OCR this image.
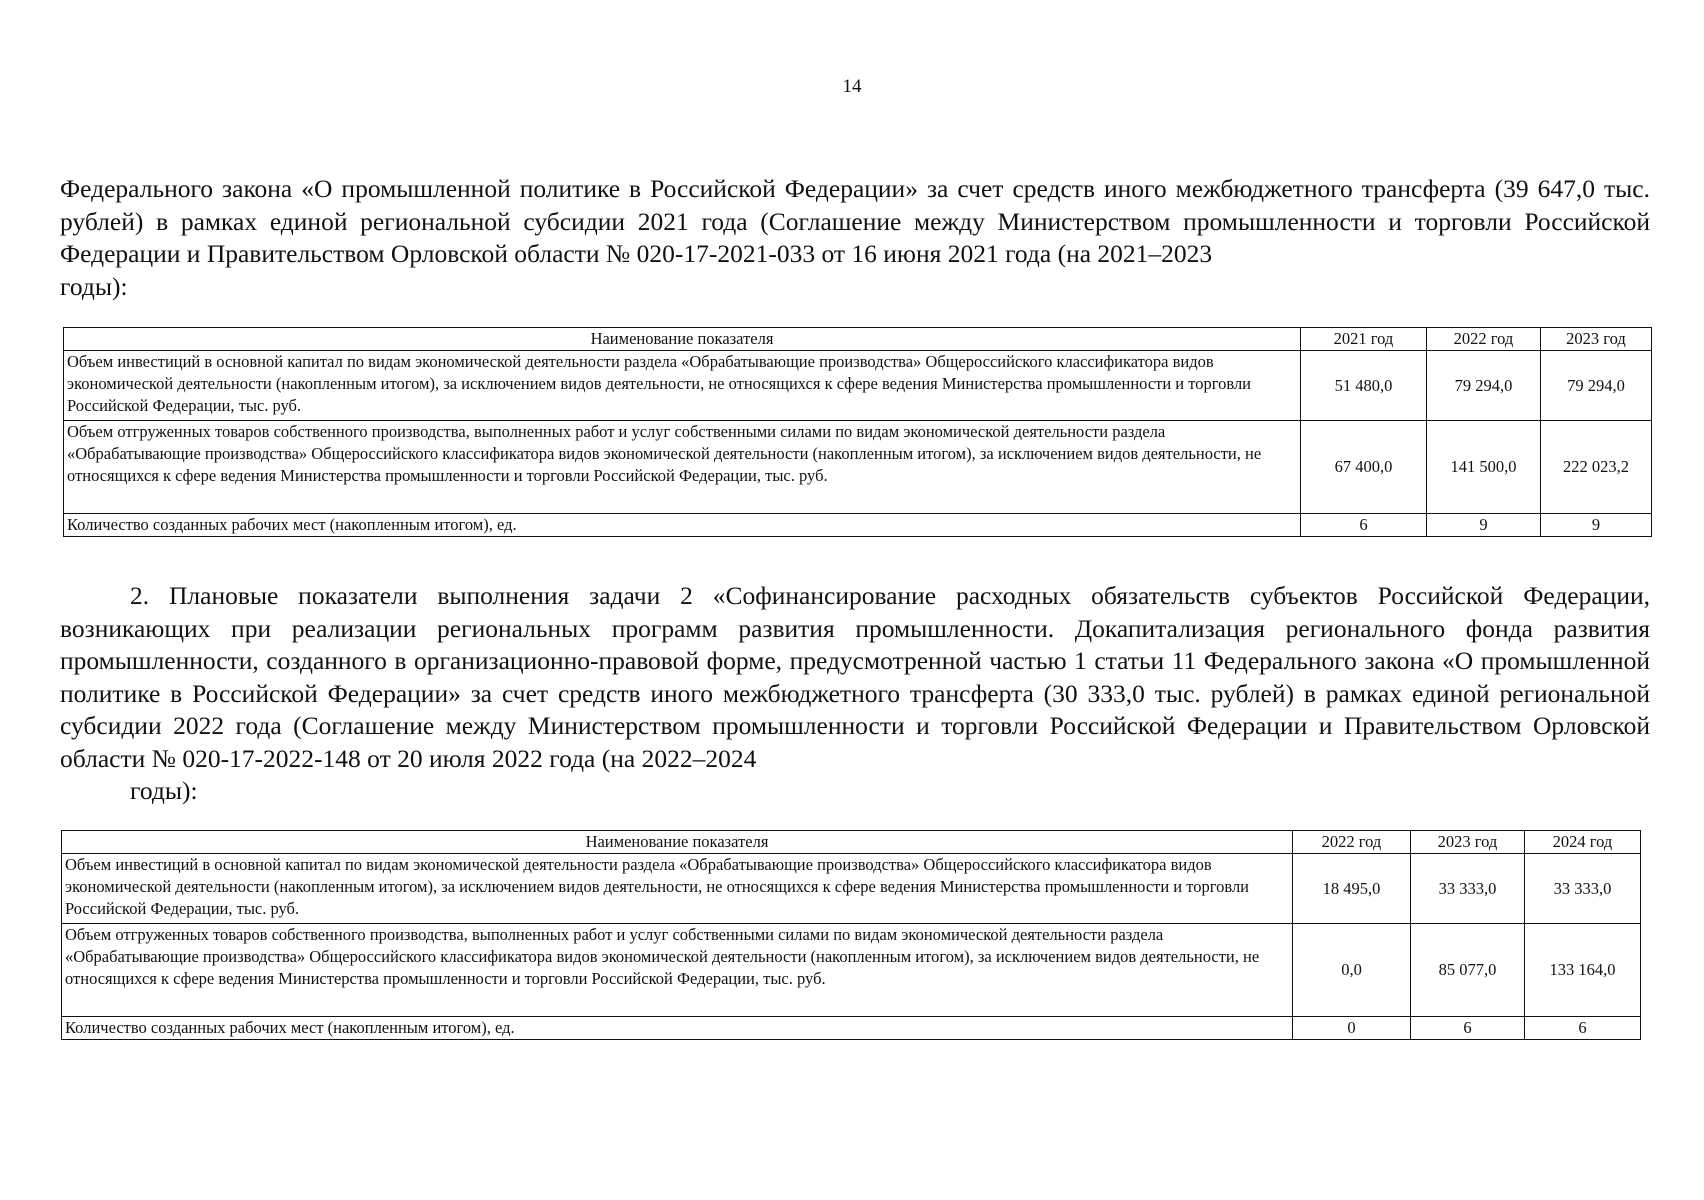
14
Федерального закона «О промышленной политике в Российской Федерации» за счет средств иного межбюджетного трансферта (39 647,0 тыс. рублей) в рамках единой региональной субсидии 2021 года (Соглашение между Министерством промышленности и торговли Российской Федерации и Правительством Орловской области № 020-17-2021-033 от 16 июня 2021 года (на 2021–2023
годы):
Наименование показателя	2021 год	2022 год	2023 год
Объем инвестиций в основной капитал по видам экономической деятельности раздела «Обрабатывающие производства» Общероссийского классификатора видов экономической деятельности (накопленным итогом), за исключением видов деятельности, не относящихся к сфере ведения Министерства промышленности и торговли Российской Федерации, тыс. руб.	51 480,0	79 294,0	79 294,0
Объем отгруженных товаров собственного производства, выполненных работ и услуг собственными силами по видам экономической деятельности раздела «Обрабатывающие производства» Общероссийского классификатора видов экономической деятельности (накопленным итогом), за исключением видов деятельности, не относящихся к сфере ведения Министерства промышленности и торговли Российской Федерации, тыс. руб.	67 400,0	141 500,0	222 023,2
Количество созданных рабочих мест (накопленным итогом), ед.	6	9	9
2. Плановые показатели выполнения задачи 2 «Софинансирование расходных обязательств субъектов Российской Федерации, возникающих при реализации региональных программ развития промышленности. Докапитализация регионального фонда развития промышленности, созданного в организационно-правовой форме, предусмотренной частью 1 статьи 11 Федерального закона «О промышленной политике в Российской Федерации» за счет средств иного межбюджетного трансферта (30 333,0 тыс. рублей) в рамках единой региональной субсидии 2022 года (Соглашение между Министерством промышленности и торговли Российской Федерации и Правительством Орловской области № 020-17-2022-148 от 20 июля 2022 года (на 2022–2024
годы):
Наименование показателя	2022 год	2023 год	2024 год
Объем инвестиций в основной капитал по видам экономической деятельности раздела «Обрабатывающие производства» Общероссийского классификатора видов экономической деятельности (накопленным итогом), за исключением видов деятельности, не относящихся к сфере ведения Министерства промышленности и торговли Российской Федерации, тыс. руб.	18 495,0	33 333,0	33 333,0
Объем отгруженных товаров собственного производства, выполненных работ и услуг собственными силами по видам экономической деятельности раздела «Обрабатывающие производства» Общероссийского классификатора видов экономической деятельности (накопленным итогом), за исключением видов деятельности, не относящихся к сфере ведения Министерства промышленности и торговли Российской Федерации, тыс. руб.	0,0	85 077,0	133 164,0
Количество созданных рабочих мест (накопленным итогом), ед.	0	6	6
